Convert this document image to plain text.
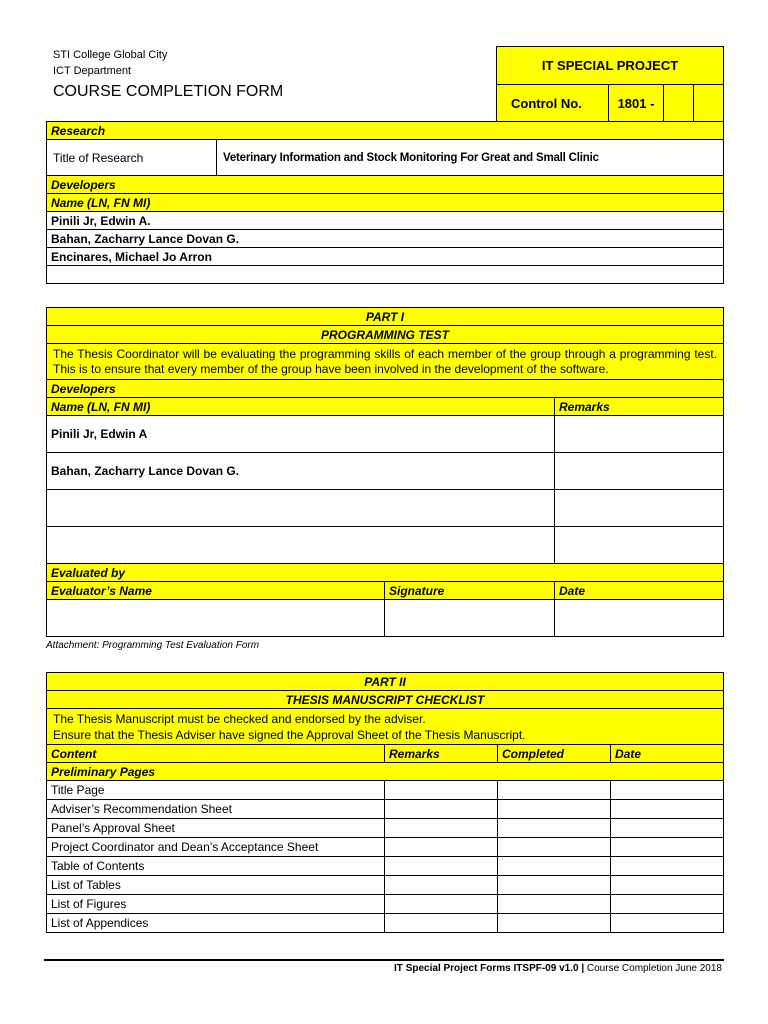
STI College Global City
ICT Department
COURSE COMPLETION FORM
IT SPECIAL PROJECT
Control No.	1801 -		
Research
Title of Research	Veterinary Information and Stock Monitoring For Great and Small Clinic
Developers
Name (LN, FN MI)
Pinili Jr, Edwin A.
Bahan, Zacharry Lance Dovan G.
Encinares, Michael Jo Arron

PART I		
PROGRAMMING TEST		
The Thesis Coordinator will be evaluating the programming skills of each member of the group through a programming test. This is to ensure that every member of the group have been involved in the development of the software.		
Developers		
Name (LN, FN MI)		Remarks
Pinili Jr, Edwin A		
Bahan, Zacharry Lance Dovan G.		

Evaluated by		
Evaluator’s Name	Signature	Date

Attachment: Programming Test Evaluation Form
PART II			
THESIS MANUSCRIPT CHECKLIST			

The Thesis Manuscript must be checked and endorsed by the adviser.
Ensure that the Thesis Adviser have signed the Approval Sheet of the Thesis Manuscript.			

Content	Remarks	Completed	Date
Preliminary Pages			
Title Page			
Adviser’s Recommendation Sheet			
Panel’s Approval Sheet			
Project Coordinator and Dean’s Acceptance Sheet			
Table of Contents			
List of Tables			
List of Figures			
List of Appendices			
IT Special Project Forms ITSPF-09 v1.0 | Course Completion June 2018
